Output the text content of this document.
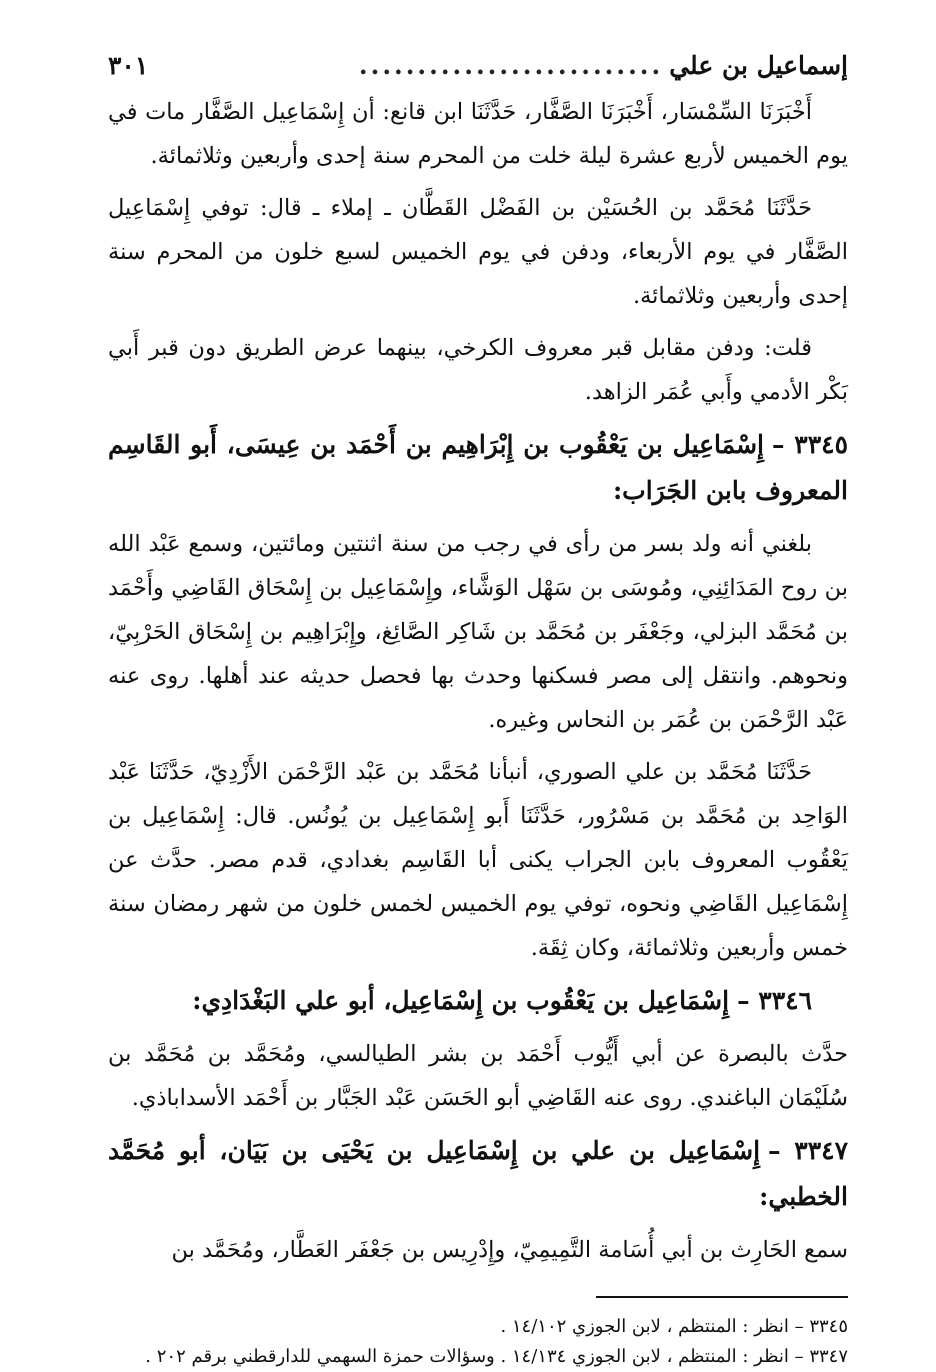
إسماعيل بن علي
..........................
٣٠١

أَخْبَرَنَا السِّمْسَار، أَخْبَرَنَا الصَّفَّار، حَدَّثَنَا ابن قانع: أن إِسْمَاعِيل الصَّفَّار مات في يوم الخميس لأربع عشرة ليلة خلت من المحرم سنة إحدى وأربعين وثلاثمائة.

حَدَّثَنَا مُحَمَّد بن الحُسَيْن بن الفَضْل القَطَّان ـ إملاء ـ قال: توفي إِسْمَاعِيل الصَّفَّار في يوم الأربعاء، ودفن في يوم الخميس لسبع خلون من المحرم سنة إحدى وأربعين وثلاثمائة.

قلت: ودفن مقابل قبر معروف الكرخي، بينهما عرض الطريق دون قبر أَبي بَكْر الأدمي وأَبي عُمَر الزاهد.

٣٣٤٥ –إِسْمَاعِيل بن يَعْقُوب بن إِبْرَاهِيم بن أَحْمَد بن عِيسَى، أَبو القَاسِم المعروف بابن الجَرَاب:

بلغني أنه ولد بسر من رأى في رجب من سنة اثنتين ومائتين، وسمع عَبْد الله بن روح المَدَائِنِي، ومُوسَى بن سَهْل الوَشَّاء، وإِسْمَاعِيل بن إِسْحَاق القَاضِي وأَحْمَد بن مُحَمَّد البزلي، وجَعْفَر بن مُحَمَّد بن شَاكِر الصَّائِغ، وإِبْرَاهِيم بن إِسْحَاق الحَرْبِيّ، ونحوهم. وانتقل إلى مصر فسكنها وحدث بها فحصل حديثه عند أهلها. روى عنه عَبْد الرَّحْمَن بن عُمَر بن النحاس وغيره.

حَدَّثَنَا مُحَمَّد بن علي الصوري، أنبأنا مُحَمَّد بن عَبْد الرَّحْمَن الأَزْدِيّ، حَدَّثَنَا عَبْد الوَاحِد بن مُحَمَّد بن مَسْرُور، حَدَّثَنَا أَبو إِسْمَاعِيل بن يُونُس. قال: إِسْمَاعِيل بن يَعْقُوب المعروف بابن الجراب يكنى أبا القَاسِم بغدادي، قدم مصر. حدَّث عن إِسْمَاعِيل القَاضِي ونحوه، توفي يوم الخميس لخمس خلون من شهر رمضان سنة خمس وأربعين وثلاثمائة، وكان ثِقَة.

٣٣٤٦ –إِسْمَاعِيل بن يَعْقُوب بن إِسْمَاعِيل، أبو علي البَغْدَادِي:

حدَّث بالبصرة عن أبي أَيُّوب أَحْمَد بن بشر الطيالسي، ومُحَمَّد بن مُحَمَّد بن سُلَيْمَان الباغندي. روى عنه القَاضِي أبو الحَسَن عَبْد الجَبَّار بن أَحْمَد الأسداباذي.

٣٣٤٧ –إِسْمَاعِيل بن علي بن إِسْمَاعِيل بن يَحْيَى بن بَيَان، أبو مُحَمَّد الخطبي:

سمع الحَارِث بن أبي أُسَامة التَّمِيمِيّ، وإِدْرِيس بن جَعْفَر العَطَّار، ومُحَمَّد بن

٣٣٤٥ – انظر : المنتظم ، لابن الجوزي ١٤/١٠٢ .

٣٣٤٧ – انظر : المنتظم ، لابن الجوزي ١٤/١٣٤ . وسؤالات حمزة السهمي للدارقطني برقم ٢٠٢ .
